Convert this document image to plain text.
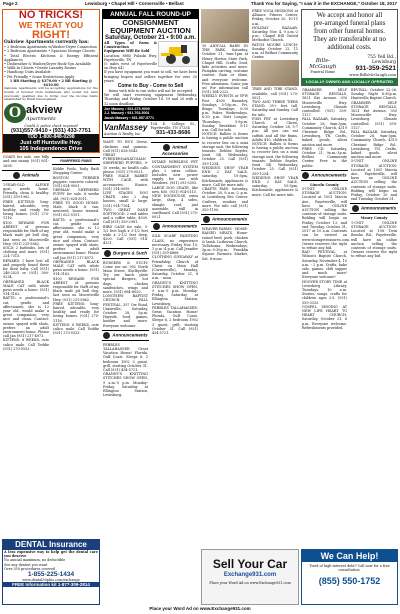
Page 2	Lewisburg • Chapel Hill • Cornersville • Belfast	Thank You for Saying, "I saw it in the EXCHANGE," October 18, 2017
NO TRICKS!
WE TREAT YOU
RIGHT!
Oakview Apartments currently has:
• 2 Bedroom Apartments w/Washer-Dryer Connection
• 2 Bedroom Apartments • Spacious Storage Closets
• Total Electric Kitchens & Energy Efficient Appliances
• Dishwasher & Washer/Dryer Hook-Ups Available
• Walk In Closets •Onsite Laundry Rooms
• Handicap Units Available
• Pet Friendly • Some Restrictions Apply
1 BR Starting @ $370.00 • 2 BR Starting @ $410.00
Oakview Apartments will be accepting applications for the month of October from individuals who would not have previously qualified due to living over the income limits established by Rural Development.
O akview
Apartments
Credit & police check required
(931)557-9410 • (931) 433-7751
TDD 1-800-848-0298
Just off Huntsville Hwy.
105 Independence Drive
GOATS for sale, one billy and one nanny. (931) 851-2658.
Animals
1-YEAR-OLD ALPINE goat; needs home. Friendly, clean & healthy. (931) 359-1962.
FREE KITTENS: long-haired, adorable, very healthy and ready for loving homes. (931) 270-1116.
$100 REWARD FOR ARREST of persons responsible for theft of my black male pit bull dog, last seen on Mooresville Hwy. (931) 231-5862.
SOLD: 2 bathtubs, lots of clothing and more. (931) 224-7315.
REWARD: I have lost all and properly found these for their baby. Call (931) 246-2025 or (931) 389-9234.
ORPHANED BLACK MALE CAT with white paws needs a home. (931) 914-3162.
BATTS: a professional's cat, gentle and affectionate, she is 12 year old, would make a great companion, very nice and clean. Contact: owner, spayed with shots, prefers an adult environment home. Please call Jan (931) 217-4973.
KITTENS: 8 WEEKS, cute calico male. Call Teddie (931) 270-5533.
PAMPERED PAWS
Kiddie Pools, Daily Bath Shopping Center
BOSTON TERRIER puppies: concrete colored. (931) 624-9001.
GERMAN SHEPHERD PUPPY for sale. 8 weeks old. (931) 628-5011.
FREE TO GOOD HOME: Male, black & tan, neutered, house trained. (931) 622-5151.
BATTS: a professional's cat, gentle and affectionate, she is 12 year old, would make a great companion, very nice and clean. Contact: owner, spayed with shots, prefers an adult environment home. Please call Jan (931) 217-4973.
ORPHANED BLACK MALE CAT with white paws needs a home. (931) 914-3162.
$100 REWARD FOR ARREST of persons responsible for theft of my black male pit bull dog, last seen on Mooresville Hwy. (931) 231-5862.
FREE KITTENS: long-haired, adorable, very healthy and ready for loving homes. (931) 270-1116.
KITTENS: 8 WEEKS, cute calico male. Call Teddie (931) 270-5533.
DENTAL Insurance
A less expensive way to help get the dental care you deserve
No annual maximum, no deductible
See any dentist you want
Over 350 procedures covered
1-855-225-1434
www.dental50plus.com/exchange
FREE Information kit 1-877-309-2814
ANNUAL FALL ROUND-UP
CONSIGNMENT EQUIPMENT AUCTION
Saturday, October 21 • 9:00 a.m.
All Types of Farm & Construction
Equipment Will Be Sold
Location: 8885 Pulaski Hwy, Fayetteville, TN
(5 miles west of Fayetteville on Hwy 64)
If you have equipment you want to sell, we have been bringing buyers and sellers together for over 30 years!
Come to Buy - Come to Sell
Items with title to run video will not be accepted
We will start receiving equipment Wednesday, Thursday and Friday, October 18, 19 and 20 with a 12 noon deadline.
Joe Massey • 931-675-9000
J.J. Massey • 931-703-5001
Jacob Massey • 931-957-5771
VanMassey
Auction & Realty, Inc.
104 E. College St., Fayetteville, TN 37334
931-433-8686
WANT TO BUY: Geese, chickens and guineas. Call (931) 628-5043.
GREAT PYRENEES/ANATOLIAN SHEPHERD PUPPIES, 9-10 weeks, no health calls please. (931) 270-0021.
FREE MALE RABBIT WITH CAGE, with accessories. Eunice. (931) 314-0099.
LIVE STAGES DOG CRATE, also 2 dog houses, small & large. (931) 914-7104.
TWO GREAT DANE SOFTWOOD: 2 end tables and a coffee table, $300. Call (931) 359-2981.
BIRD CAGE for sale, 3-1/2 feet high x 3-1/2 feet wide x 2-1/2 feet deep, $200. Call (931) 914-4331.
Burgers & Such
BURGERS & SUCH: Come see us! 992 North Main Street, Shelbyville. Try our lunch plate special. Burgers, hot dogs, chicken sandwiches, wings and more. (931) 684-8020.
LONGVIEW BAPTIST CHURCH FALL FESTIVAL, 357 Orr Road, Unionville, Saturday, October 28, 5p.m. Hayride, food, games, bonfire and more. Everyone welcome.
Announcements
PEBBLES TALLAHASSEE: Great Vacation Home! Florida, Gulf Coast. Sleeps 6, 2 bedroom 1902 3 guest, grill, starting October 31. Call (931) 434-5721.
GRANNY'S KNITTING STITCHES SHOW OPEN, 9 a.m.-5 p.m. Monday-Friday, Saturday at Ellington Station, Lewisburg.
Animal Accessories
INTAKE WIRELESS PET CONTAINMENT SYSTEM plus 2 extra collars. Includes new power supply, for use with Windows. (931) 293-5305.
LARGE DOG CRATE, like new, $50. (931) 914-0115.
NEW DOGHOUSE, extra large, shop, 4 sides, shingle roof, just assemble, still in cardboard. Call (931) 270-0021.
Announcements
SILK SCARF PAINTING CLASS, no experience necessary. Friday Nov. 10, 1 p.m.-4 p.m. Call Jennifer (931) 359-4868.
CLOTHING GIVEAWAY at Friendship Church of Christ on Main Hall (Cornersville), Monday, Saturday, October 21, 8 a.m. - noon.
GRANNY'S KNITTING STITCHES SHOW OPEN, 9 a.m.-5 p.m. Monday-Friday, Saturday at Ellington Station, Lewisburg.
PEBBLES TALLAHASSEE: Great Vacation Home! Florida, Gulf Coast. Sleeps 6, 2 bedroom 1902 3 guest, grill, starting October 31. Call (931) 434-5721.
10 ANNUAL BARN IN THE PARK, Saturday, October 21, 9am-1pm at Henry Horton State Park, Chapel Hill. Crafts, food, kids activities and more. Pumpkin carving, costume contest. Rain or shine, and everyone welcome. Free admission. Come join us! For information call (931) 364-2222.
WEEKLY EVENTS at VFW Post 4300 Ramsdey, Sundays, 5-10p.m., Fri. Bingo, Tuesdays; 6:30 p.m. Poker, Wednesdays, 6:30 p.m. Dart League, Thursdays, 5-9p.m. Sunday Breakfast 8-11 a.m. Call for info.
NOTICE: Ballots & forms is having a public auction to recover lien on a mini storage unit, the following tenants: Debbie Snyder, (unit 34). Wednesday, October 25. Call (931) 359-1234.
WEDDING SHOP YEAR END: 2 DAY SALE, saturday, 10-3pm, Kitchenaide, appliances & more. Call for more info.
CRAFTS FAIR: Saturday, October 28, 8 a.m.-2 p.m. at Lewisburg Rec Center. Crafters, vendors and more. For info call (931) 359-1100.
Announcements
WEAVER FARMS - HOME-RAISED MEATS. Home-raised beef, pork, chicken & lamb. Lutheran Church, Tullahoma, Wednesdays, 3p.m.-5:30p.m.; Franklin Square Farmers Market, Sat. 8-noon.
FREE YOGA SESSIONS at Alliance Fitness Center, Friday, October 20, 10-11 a.m.
HOLIDAY BAZAAR: Saturday, Nov. 4, 9 a.m.-2 p.m., Chapel Hill United Methodist Church.
PATCH MOORE LUNCH: Sunday October 22, 11 a.m. at Belfast Community Center.
TREE AND TIRE STAND, available, call (931) 270-0021.
TWO AND THREE TIERS STAND, 35+ feet tall, Saturday and Sunday. Call for info.
FISH FRY at Lewisburg Church of Christ, Saturday, October 28, 5-7 p.m. All you can eat catfish and all the fixins. Adults $10, children $5.
NOTICE: Ballots & forms is having a public auction to recover lien on a mini storage unit, the following tenants: Debbie Snyder, (unit 34). Wednesday, October 25. Call (931) 359-1234.
WEDDING SHOP YEAR END: 2 DAY SALE, saturday, 10-3pm, Kitchenaide, appliances & more. Call for more info.
Sell Your Car
Exchange931.com
Place your Word Ad on www.Exchange931.com
We accept and honor all
pre-arranged funeral plans
from other funeral homes.
They are transferable at no
additional costs.
Bills-McGaugh
Funeral Home
755 Yell Rd., Lewisburg
931-359-2521
www.BillsMcGaugh.com
LOCALLY OWNED AND LOCALLY OPERATED
GRAMMER SELF STORAGE RENTALS, 1621 Ext Avenue. 930 Mooresville Hwy. Lewisburg. Climate controlled. (931) 359-1127.
FALL BAZAAR, Saturday, October 28, 9am-3pm, Community Church, 4319 Chestnut Ridge Rd., Lewisburg, TN. Crafts, baked goods, silent auction and more.
FREE CD: Saturday, October 21, 9a.m.-3p.m. Belfast Community Center. Free to the public.
Announcements
Lincoln County
5-UNIT ONLINE STORAGE AUCTION: Located at 1001 Marcia Ave., Fayetteville, will have an ONLINE AUCTION selling the contents of storage units. Bidding will begin on Friday, October 13, and end Tuesday, October 31, 2017 at 10 a.m. Contents can be viewed on www.storagetreasures.com. Owner reserves the right to refuse any bid.
BAD FESTIVAL at Wilson's Baptist Church, Saturday, November 4, 10 a.m. - 2 p.m. Crafts, bake sale, games, chili supper and much more! Everyone welcome!
HOOVER STORY TIME at Lewisburg Library, Tuesdays, 10 a.m. Stories, songs, crafts for children ages 2-5. (931) 359-3335.
GOSPEL SINGING AT NEW LIFE HEART TO HEART CHURCH, Saturday, October 21, 6 p.m. Everyone welcome. Refreshments provided.
REVIVAL: October 22-26, Sunday, Night 6:30p.m. Huntsville Baptist Church.
GRAMMER SELF STORAGE RENTALS, 1621 Ext Avenue. 930 Mooresville Hwy. Lewisburg. Climate controlled. (931) 359-1127.
FALL BAZAAR, Saturday, October 28, 9am-3pm, Community Church, 4319 Chestnut Ridge Rd., Lewisburg, TN. Crafts, baked goods, silent auction and more.
5-UNIT ONLINE STORAGE AUCTION: Located at 1001 Marcia Ave., Fayetteville, will have an ONLINE AUCTION selling the contents of storage units. Bidding will begin on Friday, October 20 and end Tuesday, October 31.
Announcements
Maury County
1-UNIT ONLINE STORAGE AUCTION: Located at 108 Twin Brooks Rd., Fayetteville, will have an online auction selling the contents of storage units. Owners reserve the right to refuse any bid.
We Can Help!
Tired of high-interest debt? Call now for a free consultation.
(855) 550-1752
Place your Word Ad on www.Exchange931.com
